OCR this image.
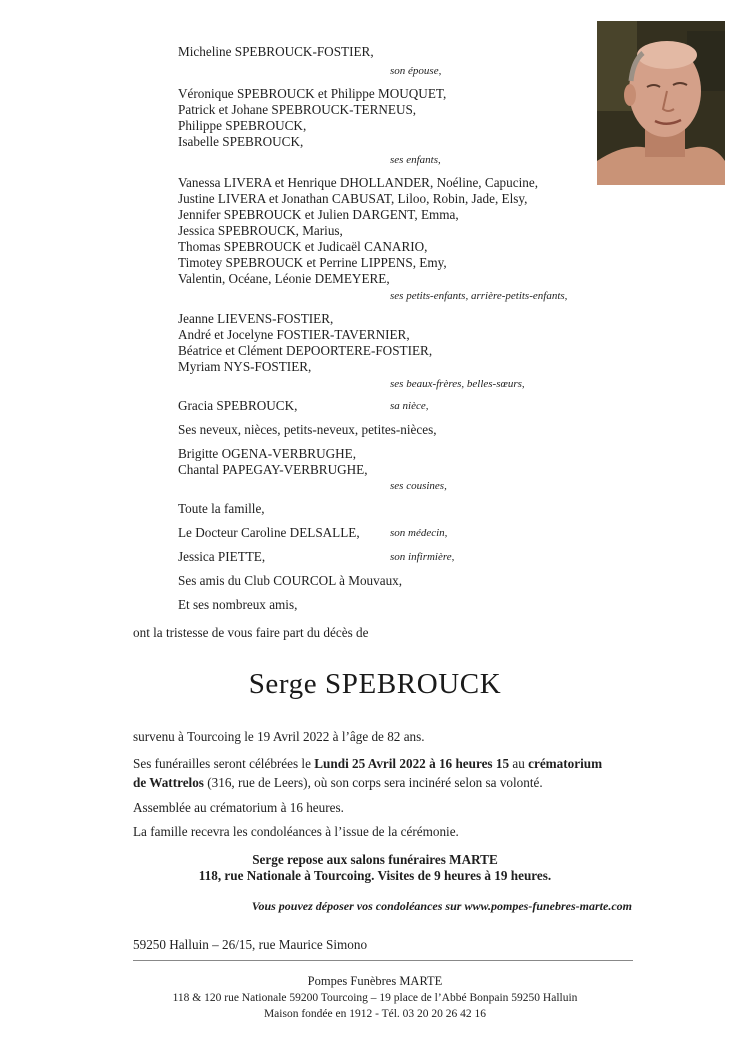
Micheline SPEBROUCK-FOSTIER,
son épouse,
Véronique SPEBROUCK et Philippe MOUQUET,
Patrick et Johane SPEBROUCK-TERNEUS,
Philippe SPEBROUCK,
Isabelle SPEBROUCK,
ses enfants,
Vanessa LIVERA et Henrique DHOLLANDER, Noéline, Capucine,
Justine LIVERA et Jonathan CABUSAT, Liloo, Robin, Jade, Elsy,
Jennifer SPEBROUCK et Julien DARGENT, Emma,
Jessica SPEBROUCK, Marius,
Thomas SPEBROUCK et Judicaël CANARIO,
Timotey SPEBROUCK et Perrine LIPPENS, Emy,
Valentin, Océane, Léonie DEMEYERE,
ses petits-enfants, arrière-petits-enfants,
Jeanne LIEVENS-FOSTIER,
André et Jocelyne FOSTIER-TAVERNIER,
Béatrice et Clément DEPOORTERE-FOSTIER,
Myriam NYS-FOSTIER,
ses beaux-frères, belles-sœurs,
Gracia SPEBROUCK,	sa nièce,
Ses neveux, nièces, petits-neveux, petites-nièces,
Brigitte OGENA-VERBRUGHE,
Chantal PAPEGAY-VERBRUGHE,
ses cousines,
Toute la famille,
Le Docteur Caroline DELSALLE,	son médecin,
Jessica PIETTE,	son infirmière,
Ses amis du Club COURCOL à Mouvaux,
Et ses nombreux amis,
ont la tristesse de vous faire part du décès de
Serge SPEBROUCK
survenu à Tourcoing le 19 Avril 2022 à l’âge de 82 ans.
Ses funérailles seront célébrées le Lundi 25 Avril 2022 à 16 heures 15 au crématorium
de Wattrelos (316, rue de Leers), où son corps sera incinéré selon sa volonté.
Assemblée au crématorium à 16 heures.
La famille recevra les condoléances à l’issue de la cérémonie.
Serge repose aux salons funéraires MARTE
118, rue Nationale à Tourcoing. Visites de 9 heures à 19 heures.
Vous pouvez déposer vos condoléances sur www.pompes-funebres-marte.com
59250 Halluin – 26/15, rue Maurice Simono
Pompes Funèbres MARTE
118 & 120 rue Nationale 59200 Tourcoing – 19 place de l’Abbé Bonpain 59250 Halluin
Maison fondée en 1912 - Tél. 03 20 20 26 42 16
